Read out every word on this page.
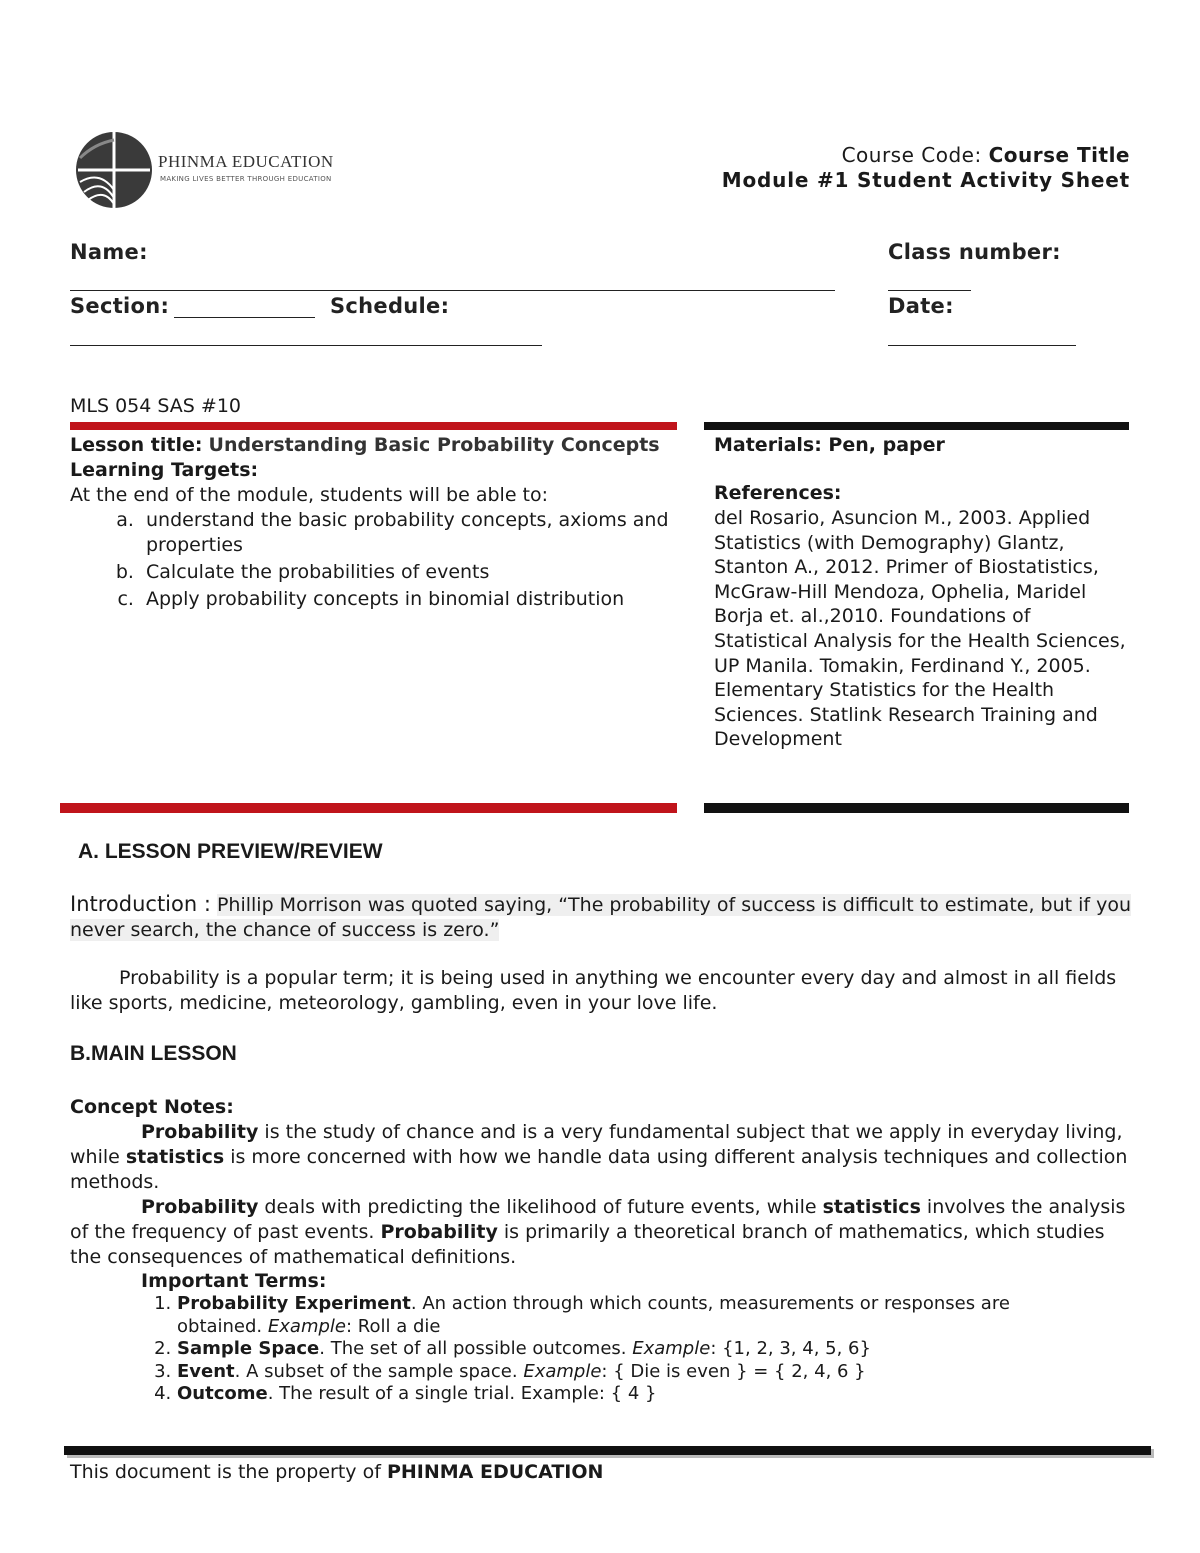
PHINMA EDUCATION
MAKING LIVES BETTER THROUGH EDUCATION
Course Code: Course Title
Module #1 Student Activity Sheet
Name:	Class number:
Section:	Schedule:	Date:
MLS 054 SAS #10
Lesson title: Understanding Basic Probability Concepts
Learning Targets:
At the end of the module, students will be able to:
a. understand the basic probability concepts, axioms and properties
b. Calculate the probabilities of events
c. Apply probability concepts in binomial distribution
Materials: Pen, paper
References:
del Rosario, Asuncion M., 2003. Applied Statistics (with Demography) Glantz, Stanton A., 2012. Primer of Biostatistics, McGraw-Hill Mendoza, Ophelia, Maridel Borja et. al.,2010. Foundations of Statistical Analysis for the Health Sciences, UP Manila. Tomakin, Ferdinand Y., 2005. Elementary Statistics for the Health Sciences. Statlink Research Training and Development
A. LESSON PREVIEW/REVIEW
Introduction : Phillip Morrison was quoted saying, “The probability of success is difficult to estimate, but if you never search, the chance of success is zero.”
Probability is a popular term; it is being used in anything we encounter every day and almost in all fields like sports, medicine, meteorology, gambling, even in your love life.
B.MAIN LESSON
Concept Notes:
Probability is the study of chance and is a very fundamental subject that we apply in everyday living, while statistics is more concerned with how we handle data using different analysis techniques and collection methods.
Probability deals with predicting the likelihood of future events, while statistics involves the analysis of the frequency of past events. Probability is primarily a theoretical branch of mathematics, which studies the consequences of mathematical definitions.
Important Terms:
1. Probability Experiment. An action through which counts, measurements or responses are obtained. Example: Roll a die
2. Sample Space. The set of all possible outcomes. Example: {1, 2, 3, 4, 5, 6}
3. Event. A subset of the sample space. Example: { Die is even } = { 2, 4, 6 }
4. Outcome. The result of a single trial. Example: { 4 }
This document is the property of PHINMA EDUCATION
